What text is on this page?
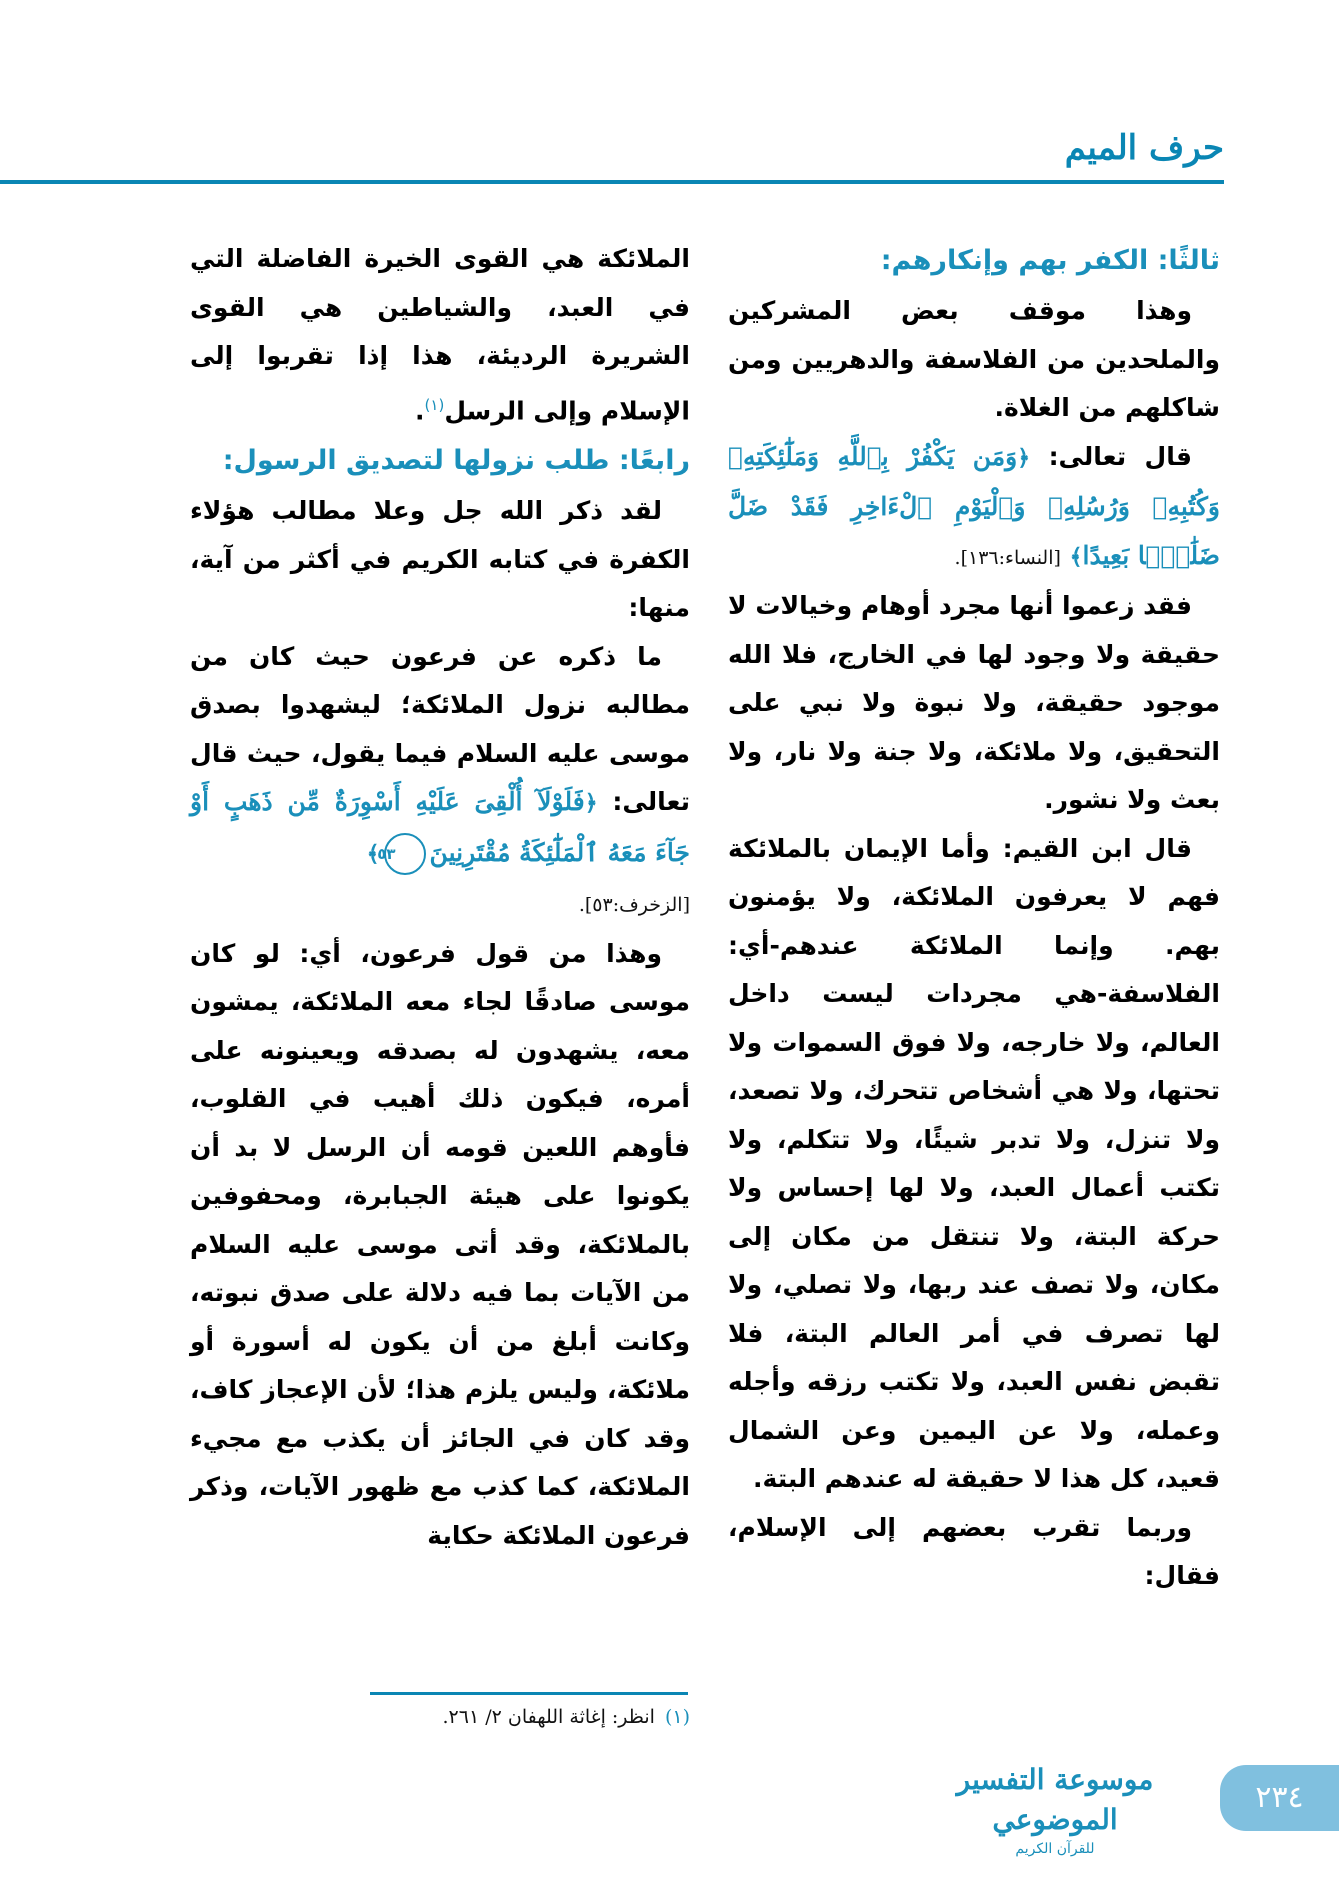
حرف الميم

ثالثًا: الكفر بهم وإنكارهم:

وهذا موقف بعض المشركين والملحدين من الفلاسفة والدهريين ومن شاكلهم من الغلاة.

قال تعالى: ﴿وَمَن يَكْفُرْ بِٱللَّهِ وَمَلَٰٓئِكَتِهِۦ وَكُتُبِهِۦ وَرُسُلِهِۦ وَٱلْيَوْمِ ٱلْءَاخِرِ فَقَدْ ضَلَّ ضَلَٰلًۢا بَعِيدًا﴾ [النساء:١٣٦].

فقد زعموا أنها مجرد أوهام وخيالات لا حقيقة ولا وجود لها في الخارج، فلا الله موجود حقيقة، ولا نبوة ولا نبي على التحقيق، ولا ملائكة، ولا جنة ولا نار، ولا بعث ولا نشور.

قال ابن القيم: وأما الإيمان بالملائكة فهم لا يعرفون الملائكة، ولا يؤمنون بهم. وإنما الملائكة عندهم-أي: الفلاسفة-هي مجردات ليست داخل العالم، ولا خارجه، ولا فوق السموات ولا تحتها، ولا هي أشخاص تتحرك، ولا تصعد، ولا تنزل، ولا تدبر شيئًا، ولا تتكلم، ولا تكتب أعمال العبد، ولا لها إحساس ولا حركة البتة، ولا تنتقل من مكان إلى مكان، ولا تصف عند ربها، ولا تصلي، ولا لها تصرف في أمر العالم البتة، فلا تقبض نفس العبد، ولا تكتب رزقه وأجله وعمله، ولا عن اليمين وعن الشمال قعيد، كل هذا لا حقيقة له عندهم البتة.

وربما تقرب بعضهم إلى الإسلام، فقال:

الملائكة هي القوى الخيرة الفاضلة التي في العبد، والشياطين هي القوى الشريرة الرديئة، هذا إذا تقربوا إلى الإسلام وإلى الرسل$^{(١)}$.

رابعًا: طلب نزولها لتصديق الرسول:

لقد ذكر الله جل وعلا مطالب هؤلاء الكفرة في كتابه الكريم في أكثر من آية، منها:

ما ذكره عن فرعون حيث كان من مطالبه نزول الملائكة؛ ليشهدوا بصدق موسى عليه السلام فيما يقول، حيث قال تعالى: ﴿فَلَوْلَآ أُلْقِىَ عَلَيْهِ أَسْوِرَةٌ مِّن ذَهَبٍ أَوْ جَآءَ مَعَهُ ٱلْمَلَٰٓئِكَةُ مُقْتَرِنِينَ٥٣﴾
[الزخرف:٥٣].

وهذا من قول فرعون، أي: لو كان موسى صادقًا لجاء معه الملائكة، يمشون معه، يشهدون له بصدقه ويعينونه على أمره، فيكون ذلك أهيب في القلوب، فأوهم اللعين قومه أن الرسل لا بد أن يكونوا على هيئة الجبابرة، ومحفوفين بالملائكة، وقد أتى موسى عليه السلام من الآيات بما فيه دلالة على صدق نبوته، وكانت أبلغ من أن يكون له أسورة أو ملائكة، وليس يلزم هذا؛ لأن الإعجاز كاف، وقد كان في الجائز أن يكذب مع مجيء الملائكة، كما كذب مع ظهور الآيات، وذكر فرعون الملائكة حكاية

(١)انظر: إغاثة اللهفان ٢/ ٢٦١.
موسوعة التفسير الموضوعي
للقرآن الكريم
٢٣٤
